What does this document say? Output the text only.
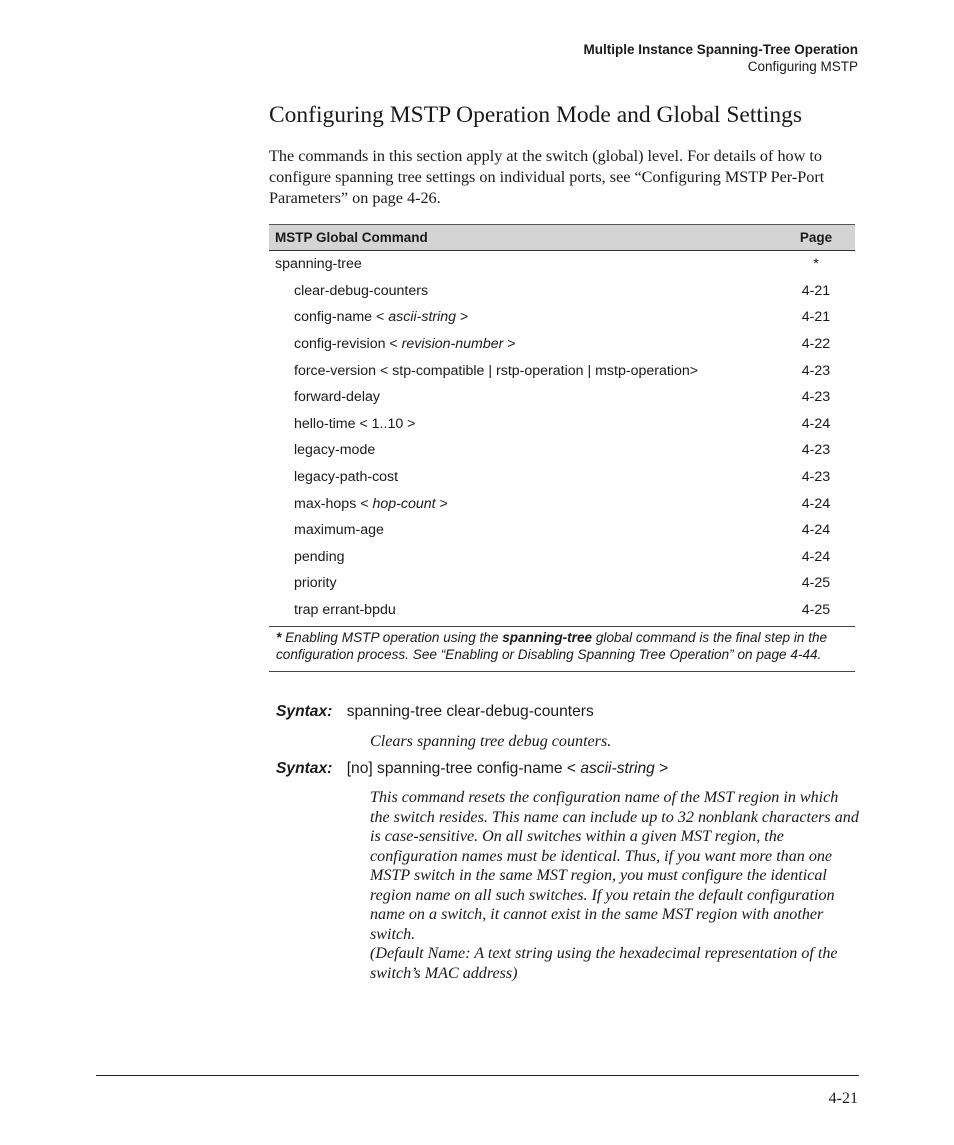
Multiple Instance Spanning-Tree Operation
Configuring MSTP
Configuring MSTP Operation Mode and Global Settings
The commands in this section apply at the switch (global) level. For details of how to configure spanning tree settings on individual ports, see “Configuring MSTP Per-Port Parameters” on page 4-26.
MSTP Global Command	Page
spanning-tree	*
clear-debug-counters	4-21
config-name < ascii-string >	4-21
config-revision < revision-number >	4-22
force-version < stp-compatible | rstp-operation | mstp-operation>	4-23
forward-delay	4-23
hello-time < 1..10 >	4-24
legacy-mode	4-23
legacy-path-cost	4-23
max-hops < hop-count >	4-24
maximum-age	4-24
pending	4-24
priority	4-25
trap errant-bpdu	4-25
* Enabling MSTP operation using the spanning-tree global command is the final step in the configuration process. See “Enabling or Disabling Spanning Tree Operation” on page 4-44.
Syntax: spanning-tree clear-debug-counters
Clears spanning tree debug counters.
Syntax: [no] spanning-tree config-name < ascii-string >
This command resets the configuration name of the MST region in which the switch resides. This name can include up to 32 nonblank characters and is case-sensitive. On all switches within a given MST region, the configuration names must be identical. Thus, if you want more than one MSTP switch in the same MST region, you must configure the identical region name on all such switches. If you retain the default configuration name on a switch, it cannot exist in the same MST region with another switch.
(Default Name: A text string using the hexadecimal representation of the switch’s MAC address)
4-21
